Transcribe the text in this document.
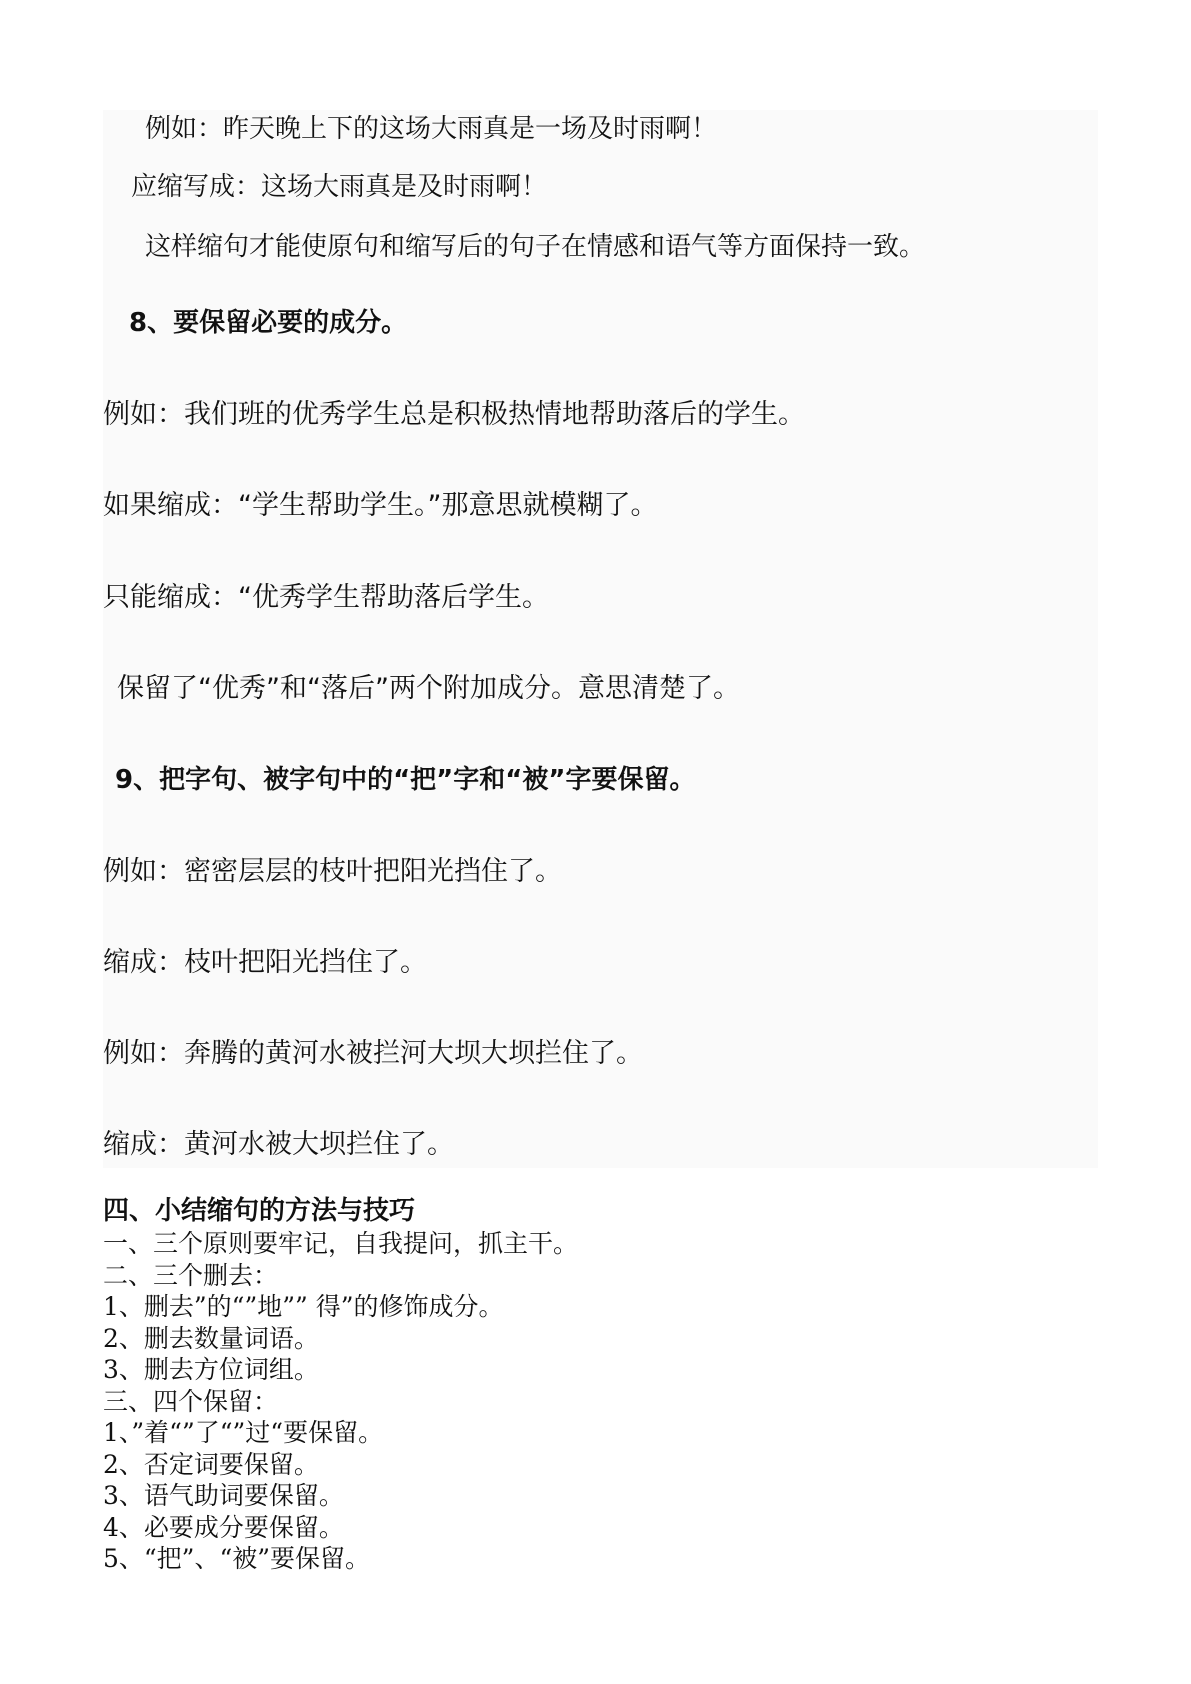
例如：昨天晚上下的这场大雨真是一场及时雨啊！

应缩写成：这场大雨真是及时雨啊！

这样缩句才能使原句和缩写后的句子在情感和语气等方面保持一致。

8、要保留必要的成分。

例如：我们班的优秀学生总是积极热情地帮助落后的学生。

如果缩成：“学生帮助学生。”那意思就模糊了。

只能缩成：“优秀学生帮助落后学生。

保留了“优秀”和“落后”两个附加成分。意思清楚了。

9、把字句、被字句中的“把”字和“被”字要保留。

例如：密密层层的枝叶把阳光挡住了。

缩成：枝叶把阳光挡住了。

例如：奔腾的黄河水被拦河大坝大坝拦住了。

缩成：黄河水被大坝拦住了。

四、小结缩句的方法与技巧
一、三个原则要牢记，自我提问，抓主干。
二、三个删去：
1、删去”的“”地”” 得”的修饰成分。
2、删去数量词语。
3、删去方位词组。
三、四个保留：
1、”着“”了“”过“要保留。
2、否定词要保留。
3、语气助词要保留。
4、必要成分要保留。
5、“把”、“被”要保留。
